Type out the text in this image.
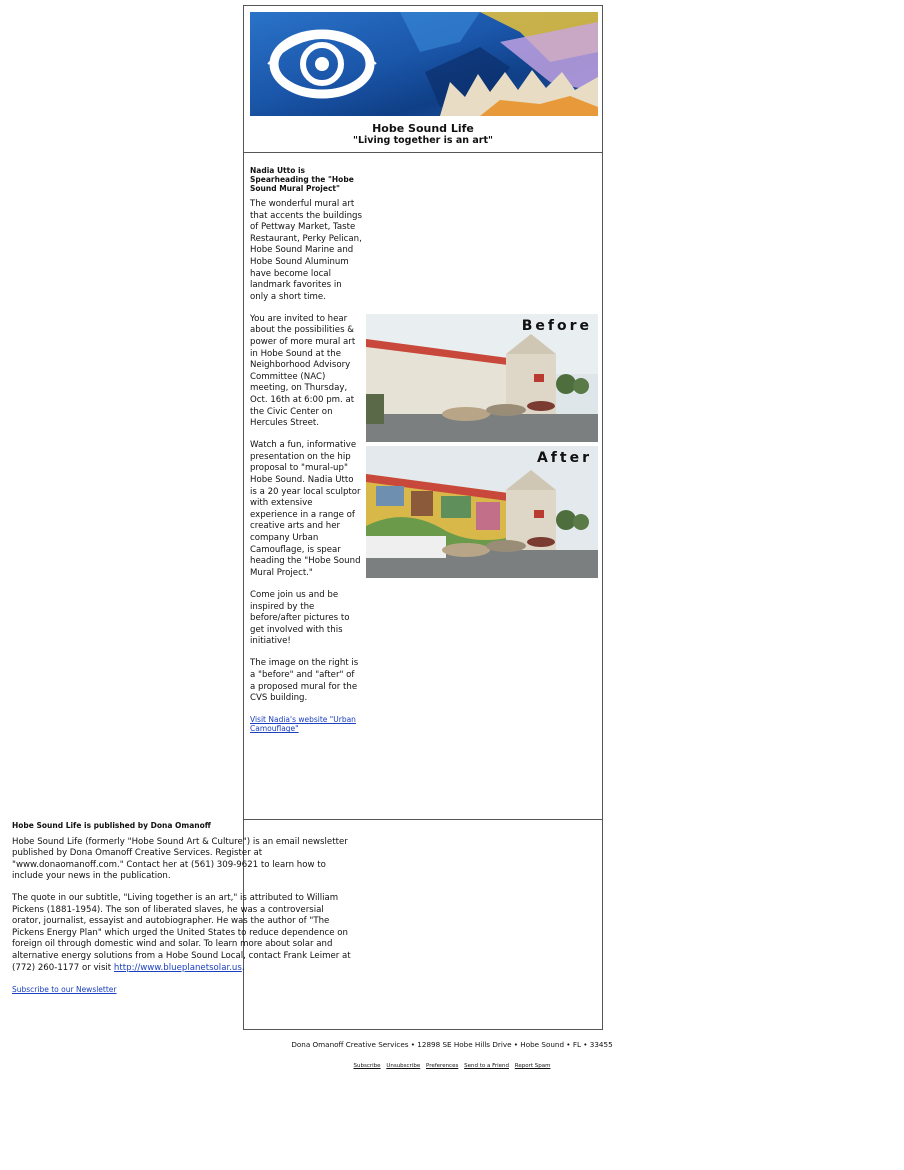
Hobe Sound Life
"Living together is an art"
Nadia Utto is Spearheading the "Hobe Sound Mural Project"

The wonderful mural art that accents the buildings of Pettway Market, Taste Restaurant, Perky Pelican, Hobe Sound Marine and Hobe Sound Aluminum have become local landmark favorites in only a short time.

You are invited to hear about the possibilities & power of more mural art in Hobe Sound at the Neighborhood Advisory Committee (NAC) meeting, on Thursday, Oct. 16th at 6:00 pm. at the Civic Center on Hercules Street.

Watch a fun, informative presentation on the hip proposal to "mural-up" Hobe Sound. Nadia Utto is a 20 year local sculptor with extensive experience in a range of creative arts and her company Urban Camouflage, is spear heading the "Hobe Sound Mural Project."

Come join us and be inspired by the before/after pictures to get involved with this initiative!

The image on the right is a "before" and "after" of a proposed mural for the CVS building.

Visit Nadia's website "Urban Camouflage"
Before
After
Hobe Sound Life is published by Dona Omanoff

Hobe Sound Life (formerly "Hobe Sound Art & Culture") is an email newsletter published by Dona Omanoff Creative Services. Register at "www.donaomanoff.com." Contact her at (561) 309-9621 to learn how to include your news in the publication.

The quote in our subtitle, "Living together is an art," is attributed to William Pickens (1881-1954). The son of liberated slaves, he was a controversial orator, journalist, essayist and autobiographer. He was the author of "The Pickens Energy Plan" which urged the United States to reduce dependence on foreign oil through domestic wind and solar. To learn more about solar and alternative energy solutions from a Hobe Sound Local, contact Frank Leimer at (772) 260-1177 or visit http://www.blueplanetsolar.us.

Subscribe to our Newsletter

Dona Omanoff Creative Services • 12898 SE Hobe Hills Drive • Hobe Sound • FL • 33455
Subscribe Unsubscribe Preferences Send to a Friend Report Spam
